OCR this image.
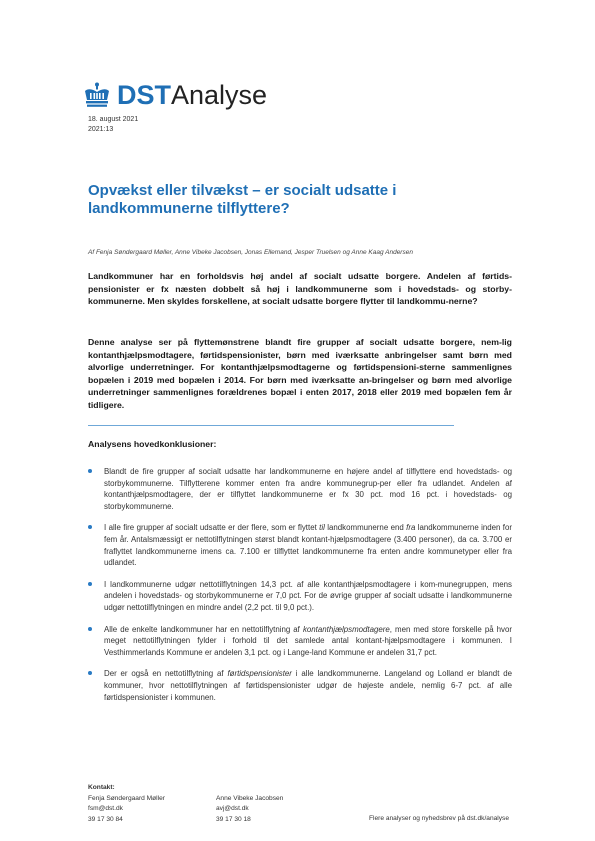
DSTAnalyse
18. august 2021
2021:13
Opvækst eller tilvækst – er socialt udsatte i landkommunerne tilflyttere?
Af Fenja Søndergaard Møller, Anne Vibeke Jacobsen, Jonas Ellemand, Jesper Truelsen og Anne Kaag Andersen

Landkommuner har en forholdsvis høj andel af socialt udsatte borgere. Andelen af førtids-pensionister er fx næsten dobbelt så høj i landkommunerne som i hovedstads- og storby-kommunerne. Men skyldes forskellene, at socialt udsatte borgere flytter til landkommu-nerne?

Denne analyse ser på flyttemønstrene blandt fire grupper af socialt udsatte borgere, nem-lig kontanthjælpsmodtagere, førtidspensionister, børn med iværksatte anbringelser samt børn med alvorlige underretninger. For kontanthjælpsmodtagerne og førtidspensioni-sterne sammenlignes bopælen i 2019 med bopælen i 2014. For børn med iværksatte an-bringelser og børn med alvorlige underretninger sammenlignes forældrenes bopæl i enten 2017, 2018 eller 2019 med bopælen fem år tidligere.

Analysens hovedkonklusioner:
Blandt de fire grupper af socialt udsatte har landkommunerne en højere andel af tilflyttere end hovedstads- og storbykommunerne. Tilflytterene kommer enten fra andre kommunegrup-per eller fra udlandet. Andelen af kontanthjælpsmodtagere, der er tilflyttet landkommunerne er fx 30 pct. mod 16 pct. i hovedstads- og storbykommunerne.
I alle fire grupper af socialt udsatte er der flere, som er flyttet til landkommunerne end fra landkommunerne inden for fem år. Antalsmæssigt er nettotilflytningen størst blandt kontant-hjælpsmodtagere (3.400 personer), da ca. 3.700 er fraflyttet landkommunerne imens ca. 7.100 er tilflyttet landkommunerne fra enten andre kommunetyper eller fra udlandet.
I landkommunerne udgør nettotilflytningen 14,3 pct. af alle kontanthjælpsmodtagere i kom-munegruppen, mens andelen i hovedstads- og storbykommunerne er 7,0 pct. For de øvrige grupper af socialt udsatte i landkommunerne udgør nettotilflytningen en mindre andel (2,2 pct. til 9,0 pct.).
Alle de enkelte landkommuner har en nettotilflytning af kontanthjælpsmodtagere, men med store forskelle på hvor meget nettotilflytningen fylder i forhold til det samlede antal kontant-hjælpsmodtagere i kommunen. I Vesthimmerlands Kommune er andelen 3,1 pct. og i Lange-land Kommune er andelen 31,7 pct.
Der er også en nettotilflytning af førtidspensionister i alle landkommunerne. Langeland og Lolland er blandt de kommuner, hvor nettotilflytningen af førtidspensionister udgør de højeste andele, nemlig 6-7 pct. af alle førtidspensionister i kommunen.
Kontakt:
Fenja Søndergaard Møller
fsm@dst.dk
39 17 30 84
Anne Vibeke Jacobsen
avj@dst.dk
39 17 30 18	Flere analyser og nyhedsbrev på dst.dk/analyse
